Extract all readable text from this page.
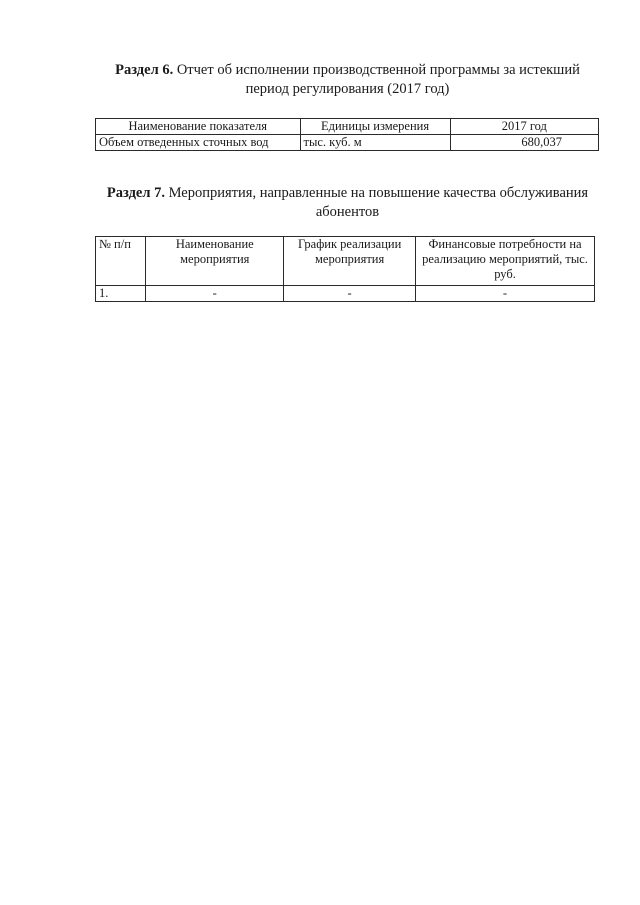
Раздел 6. Отчет об исполнении производственной программы за истекший период регулирования (2017 год)
Наименование показателя	Единицы измерения	2017 год
Объем отведенных сточных вод	тыс. куб. м	680,037
Раздел 7. Мероприятия, направленные на повышение качества обслуживания абонентов
№ п/п	Наименование мероприятия	График реализации мероприятия	Финансовые потребности на реализацию мероприятий, тыс. руб.
1.	-	-	-
